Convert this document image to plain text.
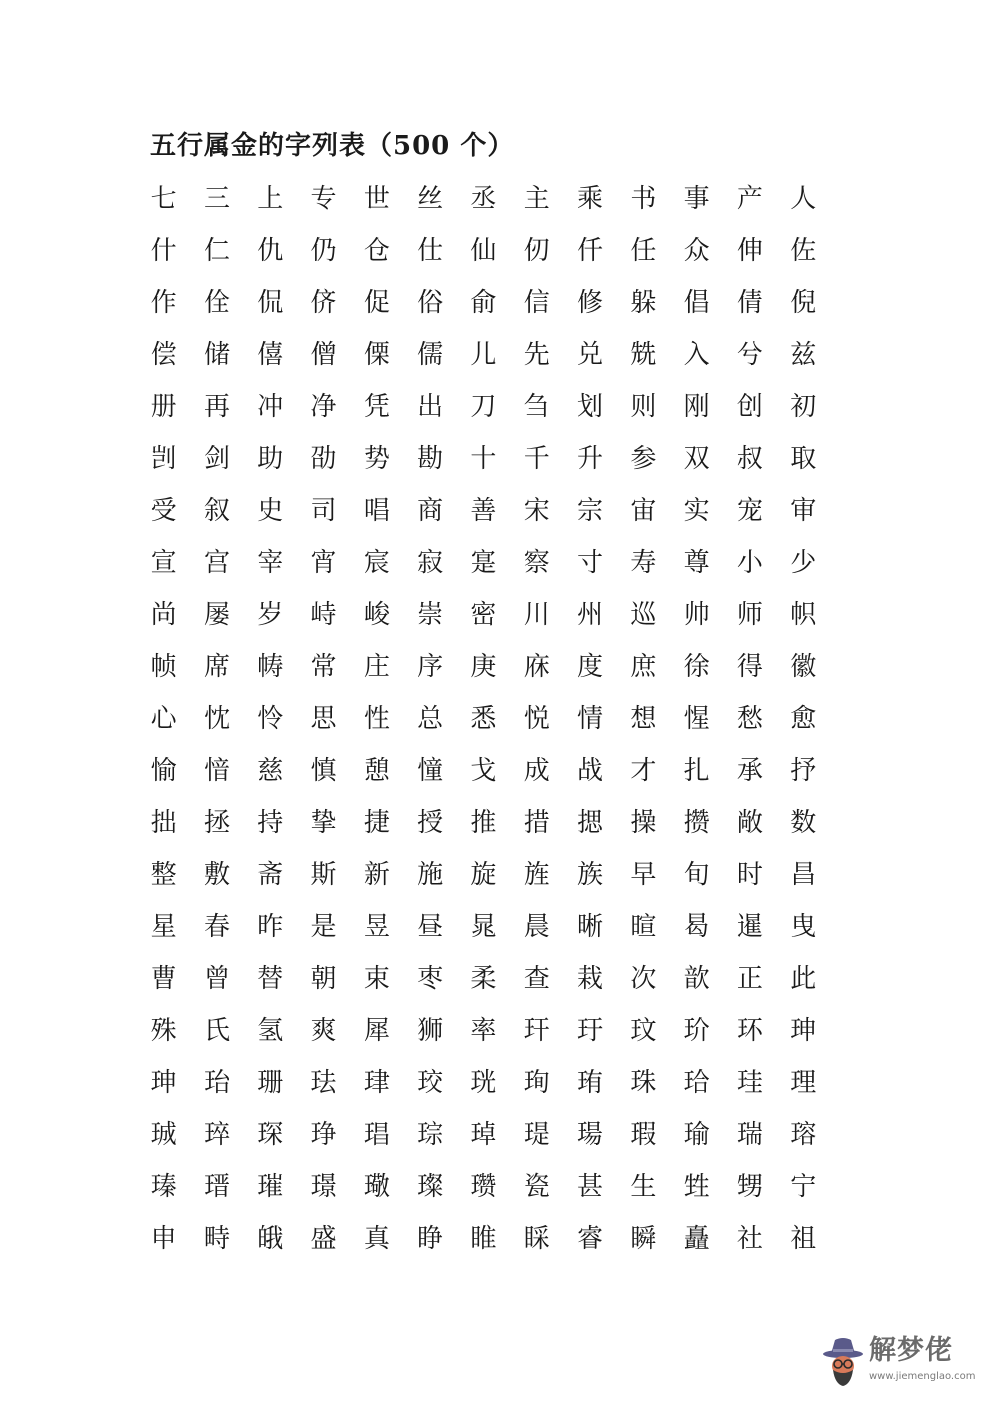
五行属金的字列表（500 个）
七	三	上	专	世	丝	丞	主	乘	书	事	产	人
什	仁	仇	仍	仓	仕	仙	仞	仟	任	众	伸	佐
作	佺	侃	侪	促	俗	俞	信	修	躲	倡	倩	倪
偿	储	僖	僧	傈	儒	儿	先	兑	兟	入	兮	兹
册	再	冲	净	凭	出	刀	刍	划	则	刚	创	初
剀	剑	助	劭	势	勘	十	千	升	参	双	叔	取
受	叙	史	司	唱	商	善	宋	宗	宙	实	宠	审
宣	宫	宰	宵	宸	寂	寔	察	寸	寿	尊	小	少
尚	屡	岁	峙	峻	崇	密	川	州	巡	帅	师	帜
帧	席	帱	常	庄	序	庚	庥	度	庶	徐	得	徽
心	忱	怜	思	性	总	悉	悦	情	想	惺	愁	愈
愉	愔	慈	慎	憩	憧	戈	成	战	才	扎	承	抒
拙	拯	持	挚	捷	授	推	措	揌	操	攒	敞	数
整	敷	斋	斯	新	施	旋	旌	族	早	旬	时	昌
星	春	昨	是	昱	昼	晁	晨	晰	暄	曷	暹	曳
曹	曾	替	朝	束	枣	柔	查	栽	次	歆	正	此
殊	氏	氢	爽	犀	狮	率	玕	玗	玟	玠	环	珅
珅	珆	珊	珐	珒	珓	珖	珣	珛	珠	珨	珪	理
珹	琗	琛	琤	琩	琮	琸	瑅	瑒	瑕	瑜	瑞	瑢
瑧	瑨	璀	璟	璥	璨	瓒	瓷	甚	生	甡	甥	宁
申	畤	皒	盛	真	睁	睢	睬	睿	瞬	矗	社	祖
解梦佬
www.jiemenglao.com
